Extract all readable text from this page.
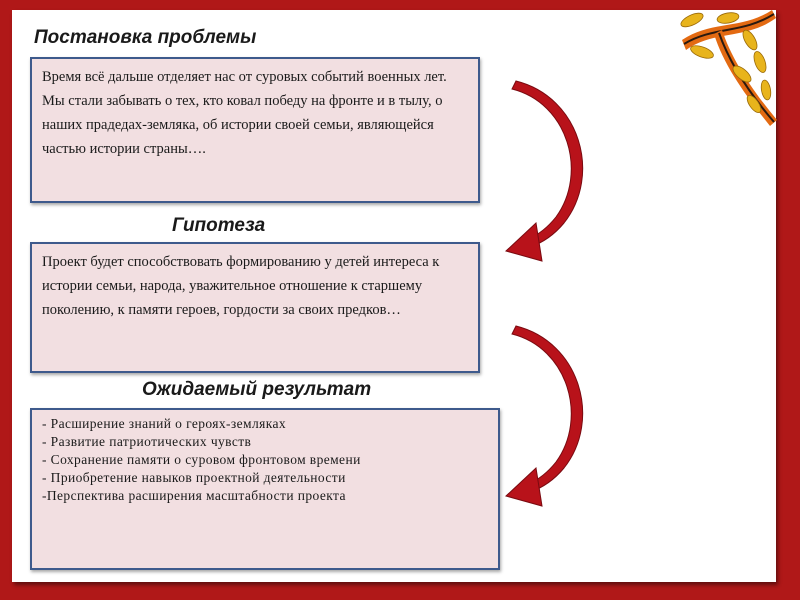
Постановка проблемы
Время всё дальше отделяет нас от суровых событий военных лет. Мы стали забывать о тех, кто ковал победу на фронте и в тылу, о наших прадедах-земляка, об истории своей семьи, являющейся частью истории страны….
Гипотеза
Проект будет способствовать формированию у детей интереса к истории семьи, народа, уважительное отношение к старшему поколению, к памяти героев, гордости за своих предков…
Ожидаемый результат
- Расширение знаний о героях-земляках
- Развитие патриотических чувств
- Сохранение памяти о суровом фронтовом времени
- Приобретение навыков проектной деятельности
-Перспектива расширения масштабности проекта
